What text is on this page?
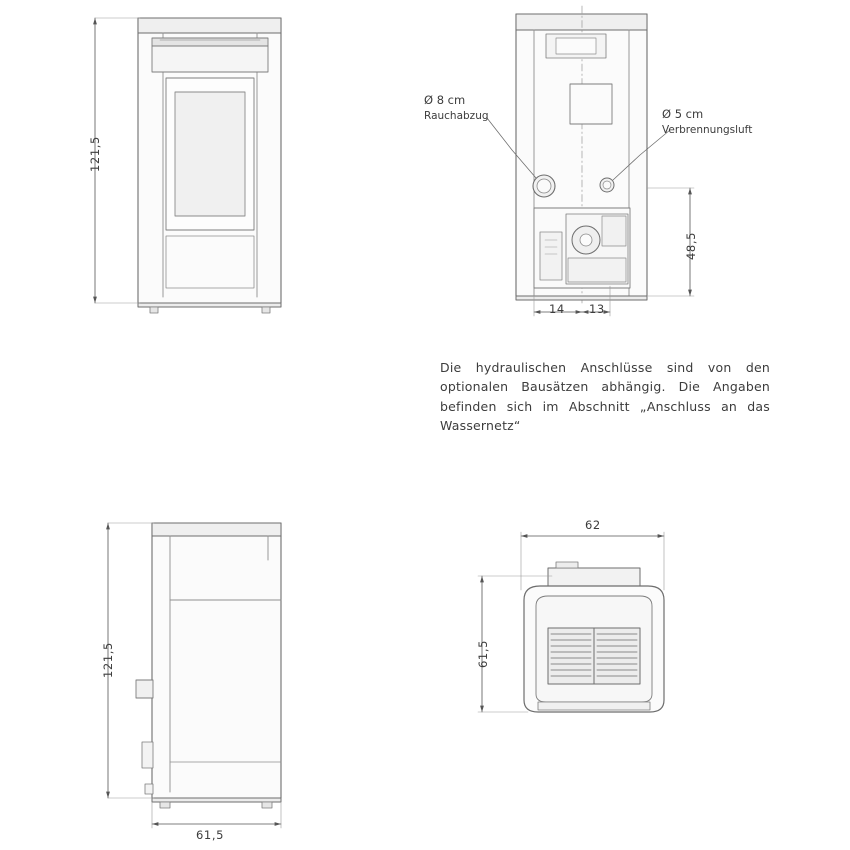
121,5
Ø 8 cm
Rauchabzug	Ø 5 cm
Verbrennungsluft
14 13
48,5
Die hydraulischen Anschlüsse sind von den optionalen Bausätzen abhängig. Die Angaben befinden sich im Abschnitt „Anschluss an das Wassernetz“
121,5
61,5
62
61,5
